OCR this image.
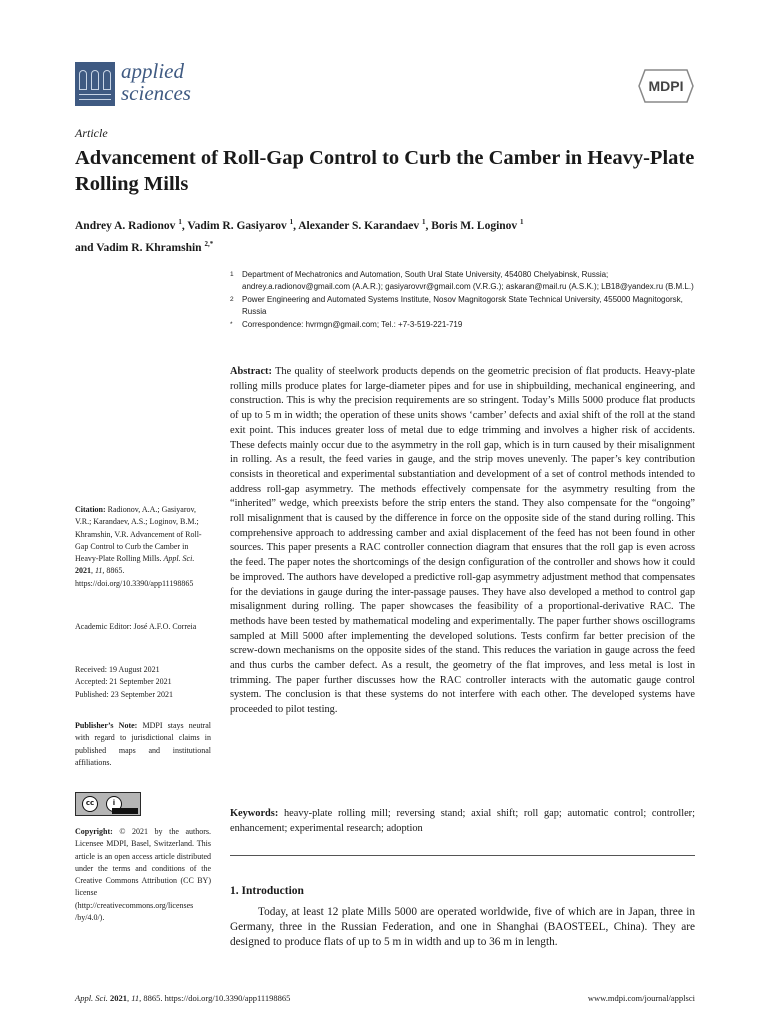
applied
sciences	MDPI
Article
Advancement of Roll-Gap Control to Curb the Camber in Heavy-Plate Rolling Mills
Andrey A. Radionov $^1$, Vadim R. Gasiyarov $^1$, Alexander S. Karandaev $^1$, Boris M. Loginov $^1$
and Vadim R. Khramshin $^{2,*}$
1	Department of Mechatronics and Automation, South Ural State University, 454080 Chelyabinsk, Russia; andrey.a.radionov@gmail.com (A.A.R.); gasiyarovvr@gmail.com (V.R.G.); askaran@mail.ru (A.S.K.); LB18@yandex.ru (B.M.L.)
2	Power Engineering and Automated Systems Institute, Nosov Magnitogorsk State Technical University, 455000 Magnitogorsk, Russia
*	Correspondence: hvrmgn@gmail.com; Tel.: +7-3-519-221-719
Abstract: The quality of steelwork products depends on the geometric precision of flat products. Heavy-plate rolling mills produce plates for large-diameter pipes and for use in shipbuilding, mechanical engineering, and construction. This is why the precision requirements are so stringent. Today’s Mills 5000 produce flat products of up to 5 m in width; the operation of these units shows ‘camber’ defects and axial shift of the roll at the stand exit point. This induces greater loss of metal due to edge trimming and involves a higher risk of accidents. These defects mainly occur due to the asymmetry in the roll gap, which is in turn caused by their misalignment in rolling. As a result, the feed varies in gauge, and the strip moves unevenly. The paper’s key contribution consists in theoretical and experimental substantiation and development of a set of control methods intended to address roll-gap asymmetry. The methods effectively compensate for the asymmetry resulting from the “inherited” wedge, which preexists before the strip enters the stand. They also compensate for the “ongoing” roll misalignment that is caused by the difference in force on the opposite side of the stand during rolling. This comprehensive approach to addressing camber and axial displacement of the feed has not been found in other sources. This paper presents a RAC controller connection diagram that ensures that the roll gap is even across the feed. The paper notes the shortcomings of the design configuration of the controller and shows how it could be improved. The authors have developed a predictive roll-gap asymmetry adjustment method that compensates for the deviations in gauge during the inter-passage pauses. They have also developed a method to control gap misalignment during rolling. The paper showcases the feasibility of a proportional-derivative RAC. The methods have been tested by mathematical modeling and experimentally. The paper further shows oscillograms sampled at Mill 5000 after implementing the developed solutions. Tests confirm far better precision of the screw-down mechanisms on the opposite sides of the stand. This reduces the variation in gauge across the feed and thus curbs the camber defect. As a result, the geometry of the flat improves, and less metal is lost in trimming. The paper further discusses how the RAC controller interacts with the automatic gauge control system. The conclusion is that these systems do not interfere with each other. The developed systems have proceeded to pilot testing.
Keywords: heavy-plate rolling mill; reversing stand; axial shift; roll gap; automatic control; controller; enhancement; experimental research; adoption
1. Introduction
Today, at least 12 plate Mills 5000 are operated worldwide, five of which are in Japan, three in Germany, three in the Russian Federation, and one in Shanghai (BAOSTEEL, China). They are designed to produce flats of up to 5 m in width and up to 36 m in length.
Citation: Radionov, A.A.; Gasiyarov, V.R.; Karandaev, A.S.; Loginov, B.M.; Khramshin, V.R. Advancement of Roll-Gap Control to Curb the Camber in Heavy-Plate Rolling Mills. Appl. Sci. 2021, 11, 8865. https://doi.org/10.3390/app11198865
Academic Editor: José A.F.O. Correia
Received: 19 August 2021
Accepted: 21 September 2021
Published: 23 September 2021
Publisher’s Note: MDPI stays neutral with regard to jurisdictional claims in published maps and institutional affiliations.
cc	i
Copyright: © 2021 by the authors. Licensee MDPI, Basel, Switzerland. This article is an open access article distributed under the terms and conditions of the Creative Commons Attribution (CC BY) license (http://creativecommons.org/licenses /by/4.0/).
Appl. Sci. 2021, 11, 8865. https://doi.org/10.3390/app11198865	www.mdpi.com/journal/applsci
